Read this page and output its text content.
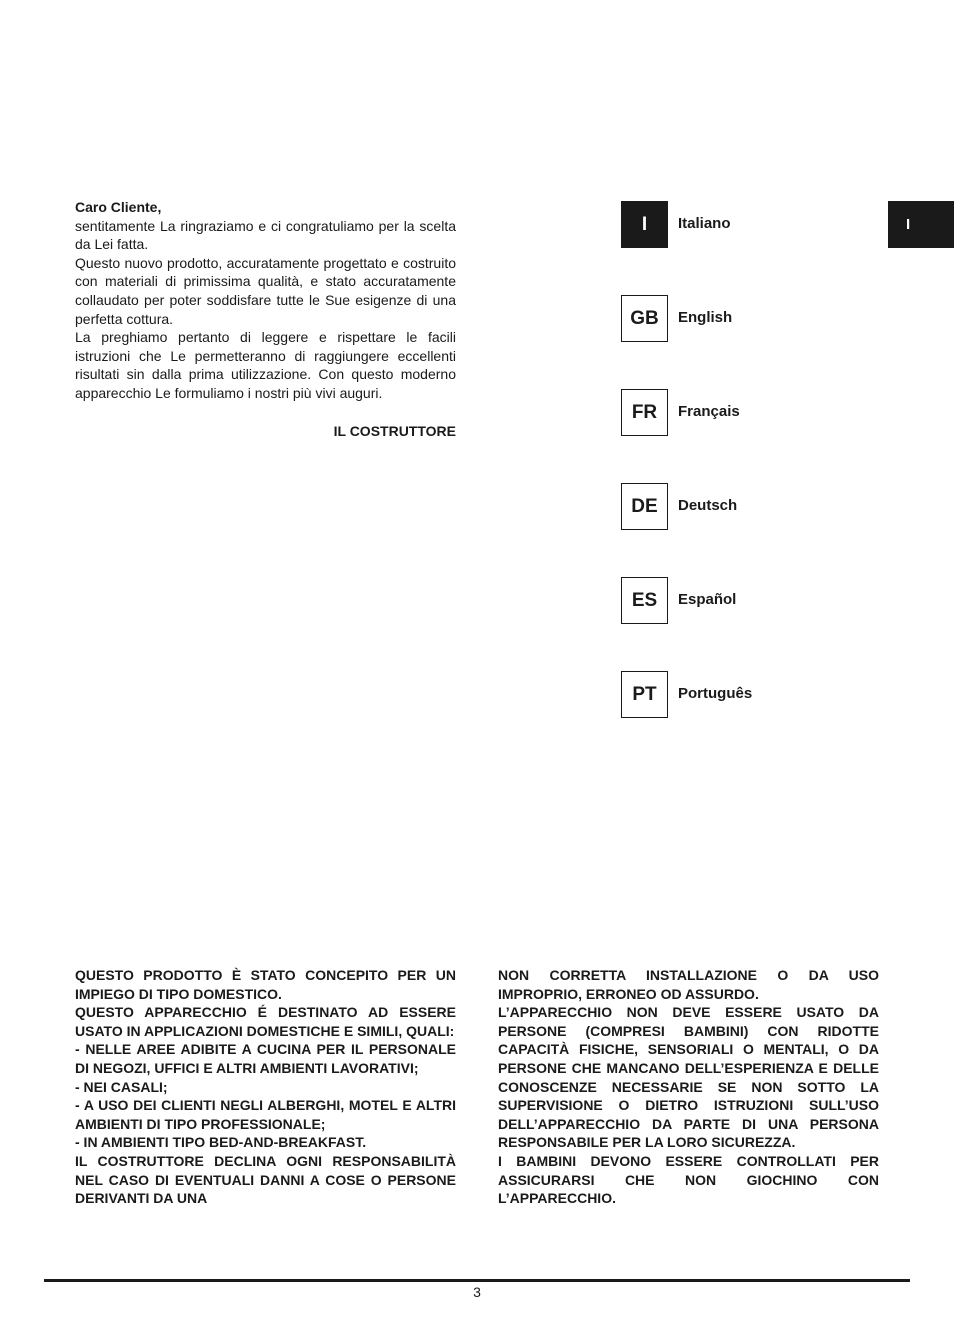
Caro Cliente,

sentitamente La ringraziamo e ci congratuliamo per la scelta da Lei fatta.

Questo nuovo prodotto, accuratamente progettato e costruito con materiali di primissima qualità, e stato accuratamente collaudato per poter soddisfare tutte le Sue esigenze di una perfetta cottura.

La preghiamo pertanto di leggere e rispettare le facili istruzioni che Le permetteranno di raggiungere eccellenti risultati sin dalla prima utilizzazione. Con questo moderno apparecchio Le formuliamo i nostri più vivi auguri.

IL COSTRUTTORE

I	Italiano
GB	English
FR	Français
DE	Deutsch
ES	Español
PT	Português
I

QUESTO PRODOTTO È STATO CONCEPITO PER UN IMPIEGO DI TIPO DOMESTICO.

QUESTO APPARECCHIO É DESTINATO AD ESSERE USATO IN APPLICAZIONI DOMESTICHE E SIMILI, QUALI:

- NELLE AREE ADIBITE A CUCINA PER IL PERSONALE DI NEGOZI, UFFICI E ALTRI AMBIENTI LAVORATIVI;

- NEI CASALI;

- A USO DEI CLIENTI NEGLI ALBERGHI, MOTEL E ALTRI AMBIENTI DI TIPO PROFESSIONALE;

- IN AMBIENTI TIPO BED-AND-BREAKFAST.

IL COSTRUTTORE DECLINA OGNI RESPONSABILITÀ NEL CASO DI EVENTUALI DANNI A COSE O PERSONE DERIVANTI DA UNA

NON CORRETTA INSTALLAZIONE O DA USO IMPROPRIO, ERRONEO OD ASSURDO.

L’APPARECCHIO NON DEVE ESSERE USATO DA PERSONE (COMPRESI BAMBINI) CON RIDOTTE CAPACITÀ FISICHE, SENSORIALI O MENTALI, O DA PERSONE CHE MANCANO DELL’ESPERIENZA E DELLE CONOSCENZE NECESSARIE SE NON SOTTO LA SUPERVISIONE O DIETRO ISTRUZIONI SULL’USO DELL’APPARECCHIO DA PARTE DI UNA PERSONA RESPONSABILE PER LA LORO SICUREZZA.

I BAMBINI DEVONO ESSERE CONTROLLATI PER ASSICURARSI CHE NON GIOCHINO CON L’APPARECCHIO.

3
